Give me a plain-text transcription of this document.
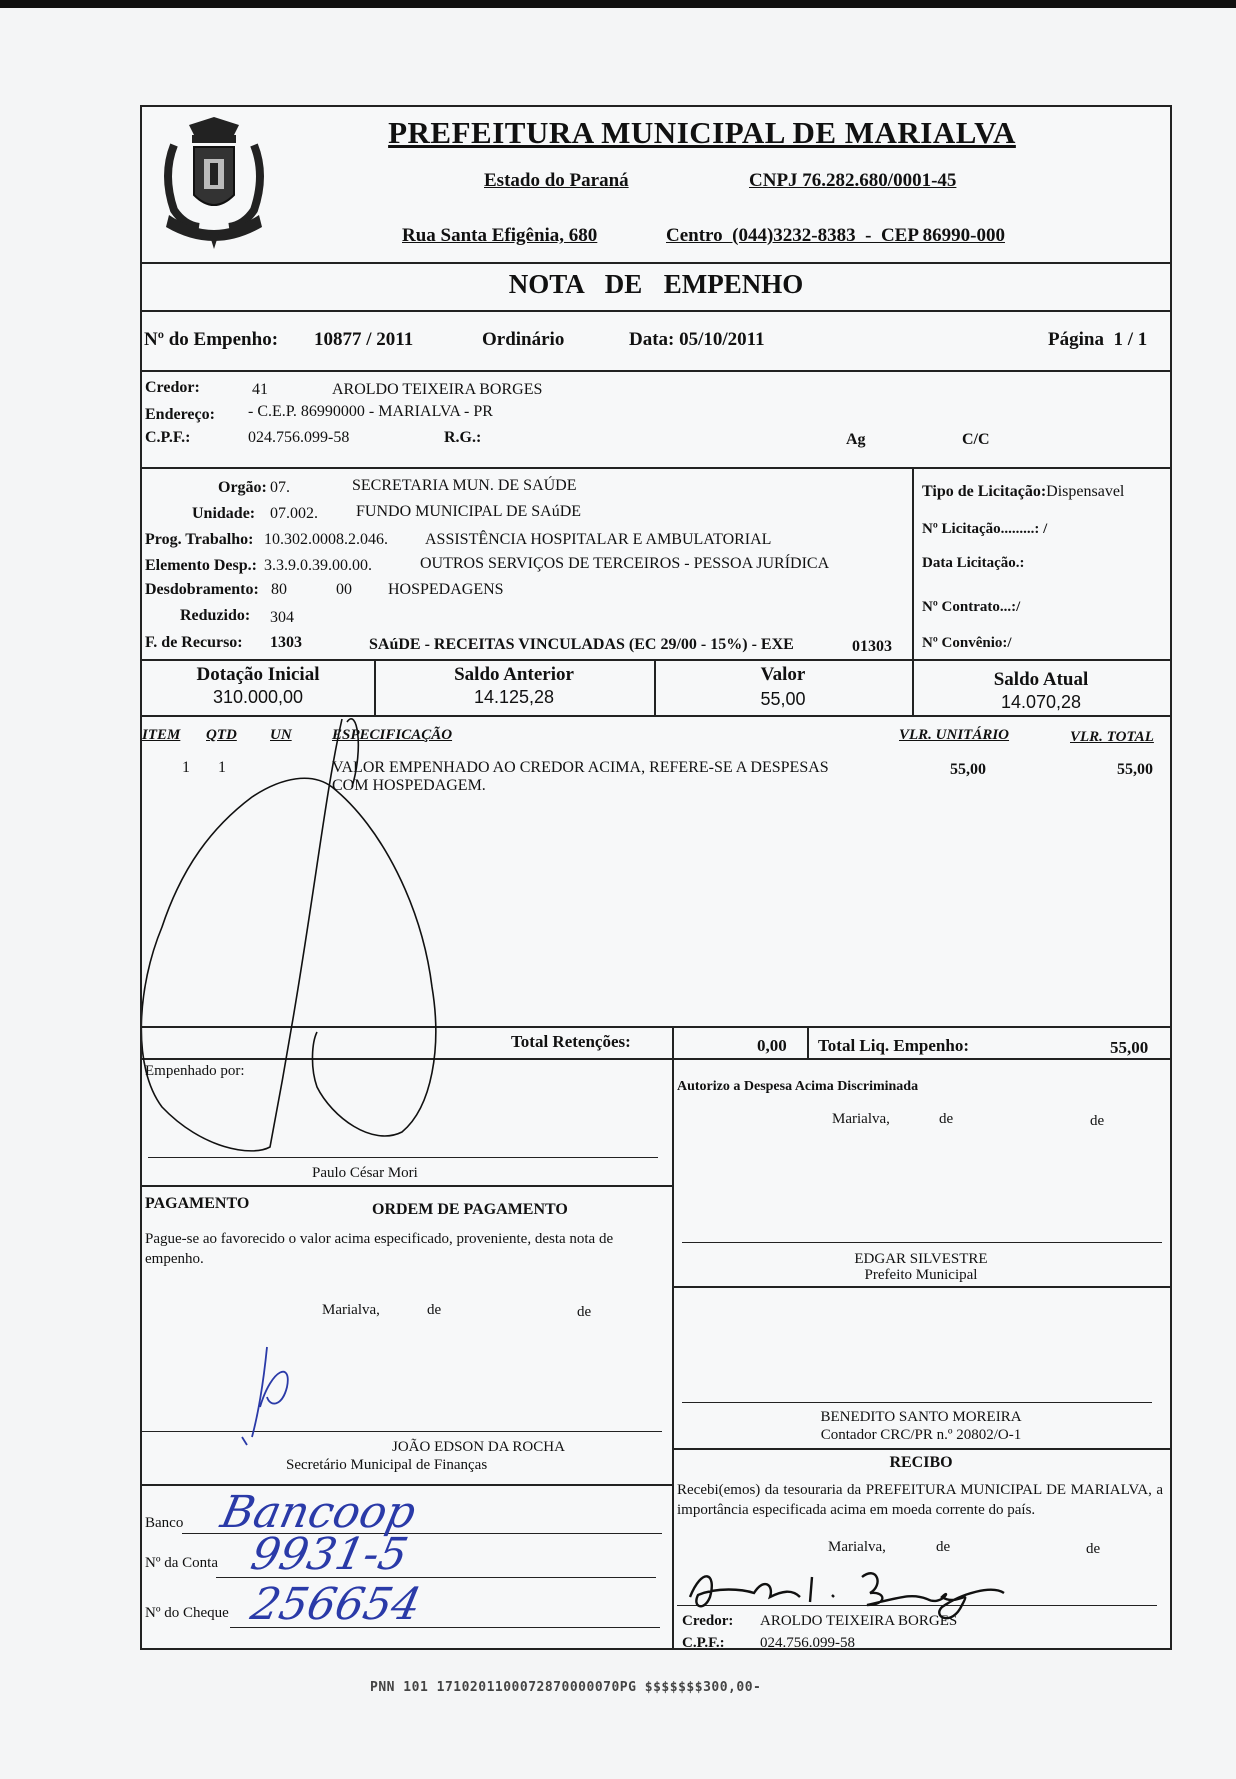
PREFEITURA MUNICIPAL DE MARIALVA
Estado do Paraná	CNPJ 76.282.680/0001-45
Rua Santa Efigênia, 680	Centro  (044)3232-8383  -  CEP 86990-000
NOTA  DE  EMPENHO
Nº do Empenho: 10877 / 2011	Ordinário	Data: 05/10/2011	Página  1 / 1
Credor:	41	AROLDO TEIXEIRA BORGES
Endereço: - C.E.P. 86990000 - MARIALVA - PR
C.P.F.:	024.756.099-58	R.G.:	Ag	C/C
Orgão: 07.	SECRETARIA MUN. DE SAÚDE
Unidade: 07.002. FUNDO MUNICIPAL DE SAúDE
Prog. Trabalho: 10.302.0008.2.046. ASSISTÊNCIA HOSPITALAR E AMBULATORIAL
Elemento Desp.: 3.3.9.0.39.00.00.	OUTROS SERVIÇOS DE TERCEIROS - PESSOA JURÍDICA
Desdobramento: 80	00 HOSPEDAGENS
Reduzido: 304
F. de Recurso: 1303	SAúDE - RECEITAS VINCULADAS (EC 29/00 - 15%) - EXE	01303
Tipo de Licitação:Dispensavel
Nº Licitação.........: /
Data Licitação.:
Nº Contrato...:/
Nº Convênio:/
Dotação Inicial
310.000,00
Saldo Anterior
14.125,28
Valor
55,00
Saldo Atual
14.070,28
ITEM QTD UN	ESPECIFICAÇÃO	VLR. UNITÁRIO	VLR. TOTAL
1 1	VALOR EMPENHADO AO CREDOR ACIMA, REFERE-SE A DESPESAS
COM HOSPEDAGEM.
55,00	55,00
Total Retenções:	0,00 Total Liq. Empenho:	55,00
Empenhado por:
Paulo César Mori
Autorizo a Despesa Acima Discriminada
Marialva,	de	de
PAGAMENTO	ORDEM DE PAGAMENTO
Pague-se ao favorecido o valor acima especificado, proveniente, desta nota de empenho.
Marialva,	de	de
JOÃO EDSON DA ROCHA
Secretário Municipal de Finanças
EDGAR SILVESTRE
Prefeito Municipal
BENEDITO SANTO MOREIRA
Contador CRC/PR n.º 20802/O-1
Banco
Nº da Conta
Nº do Cheque
Bancoop
9931-5
256654
RECIBO
Recebi(emos) da tesouraria da PREFEITURA MUNICIPAL DE MARIALVA, a importância especificada acima em moeda corrente do país.
Marialva,	de	de
Credor: AROLDO TEIXEIRA BORGES
C.P.F.: 024.756.099-58
PNN 101 1710201100072870000070PG $$$$$$$300,00-
